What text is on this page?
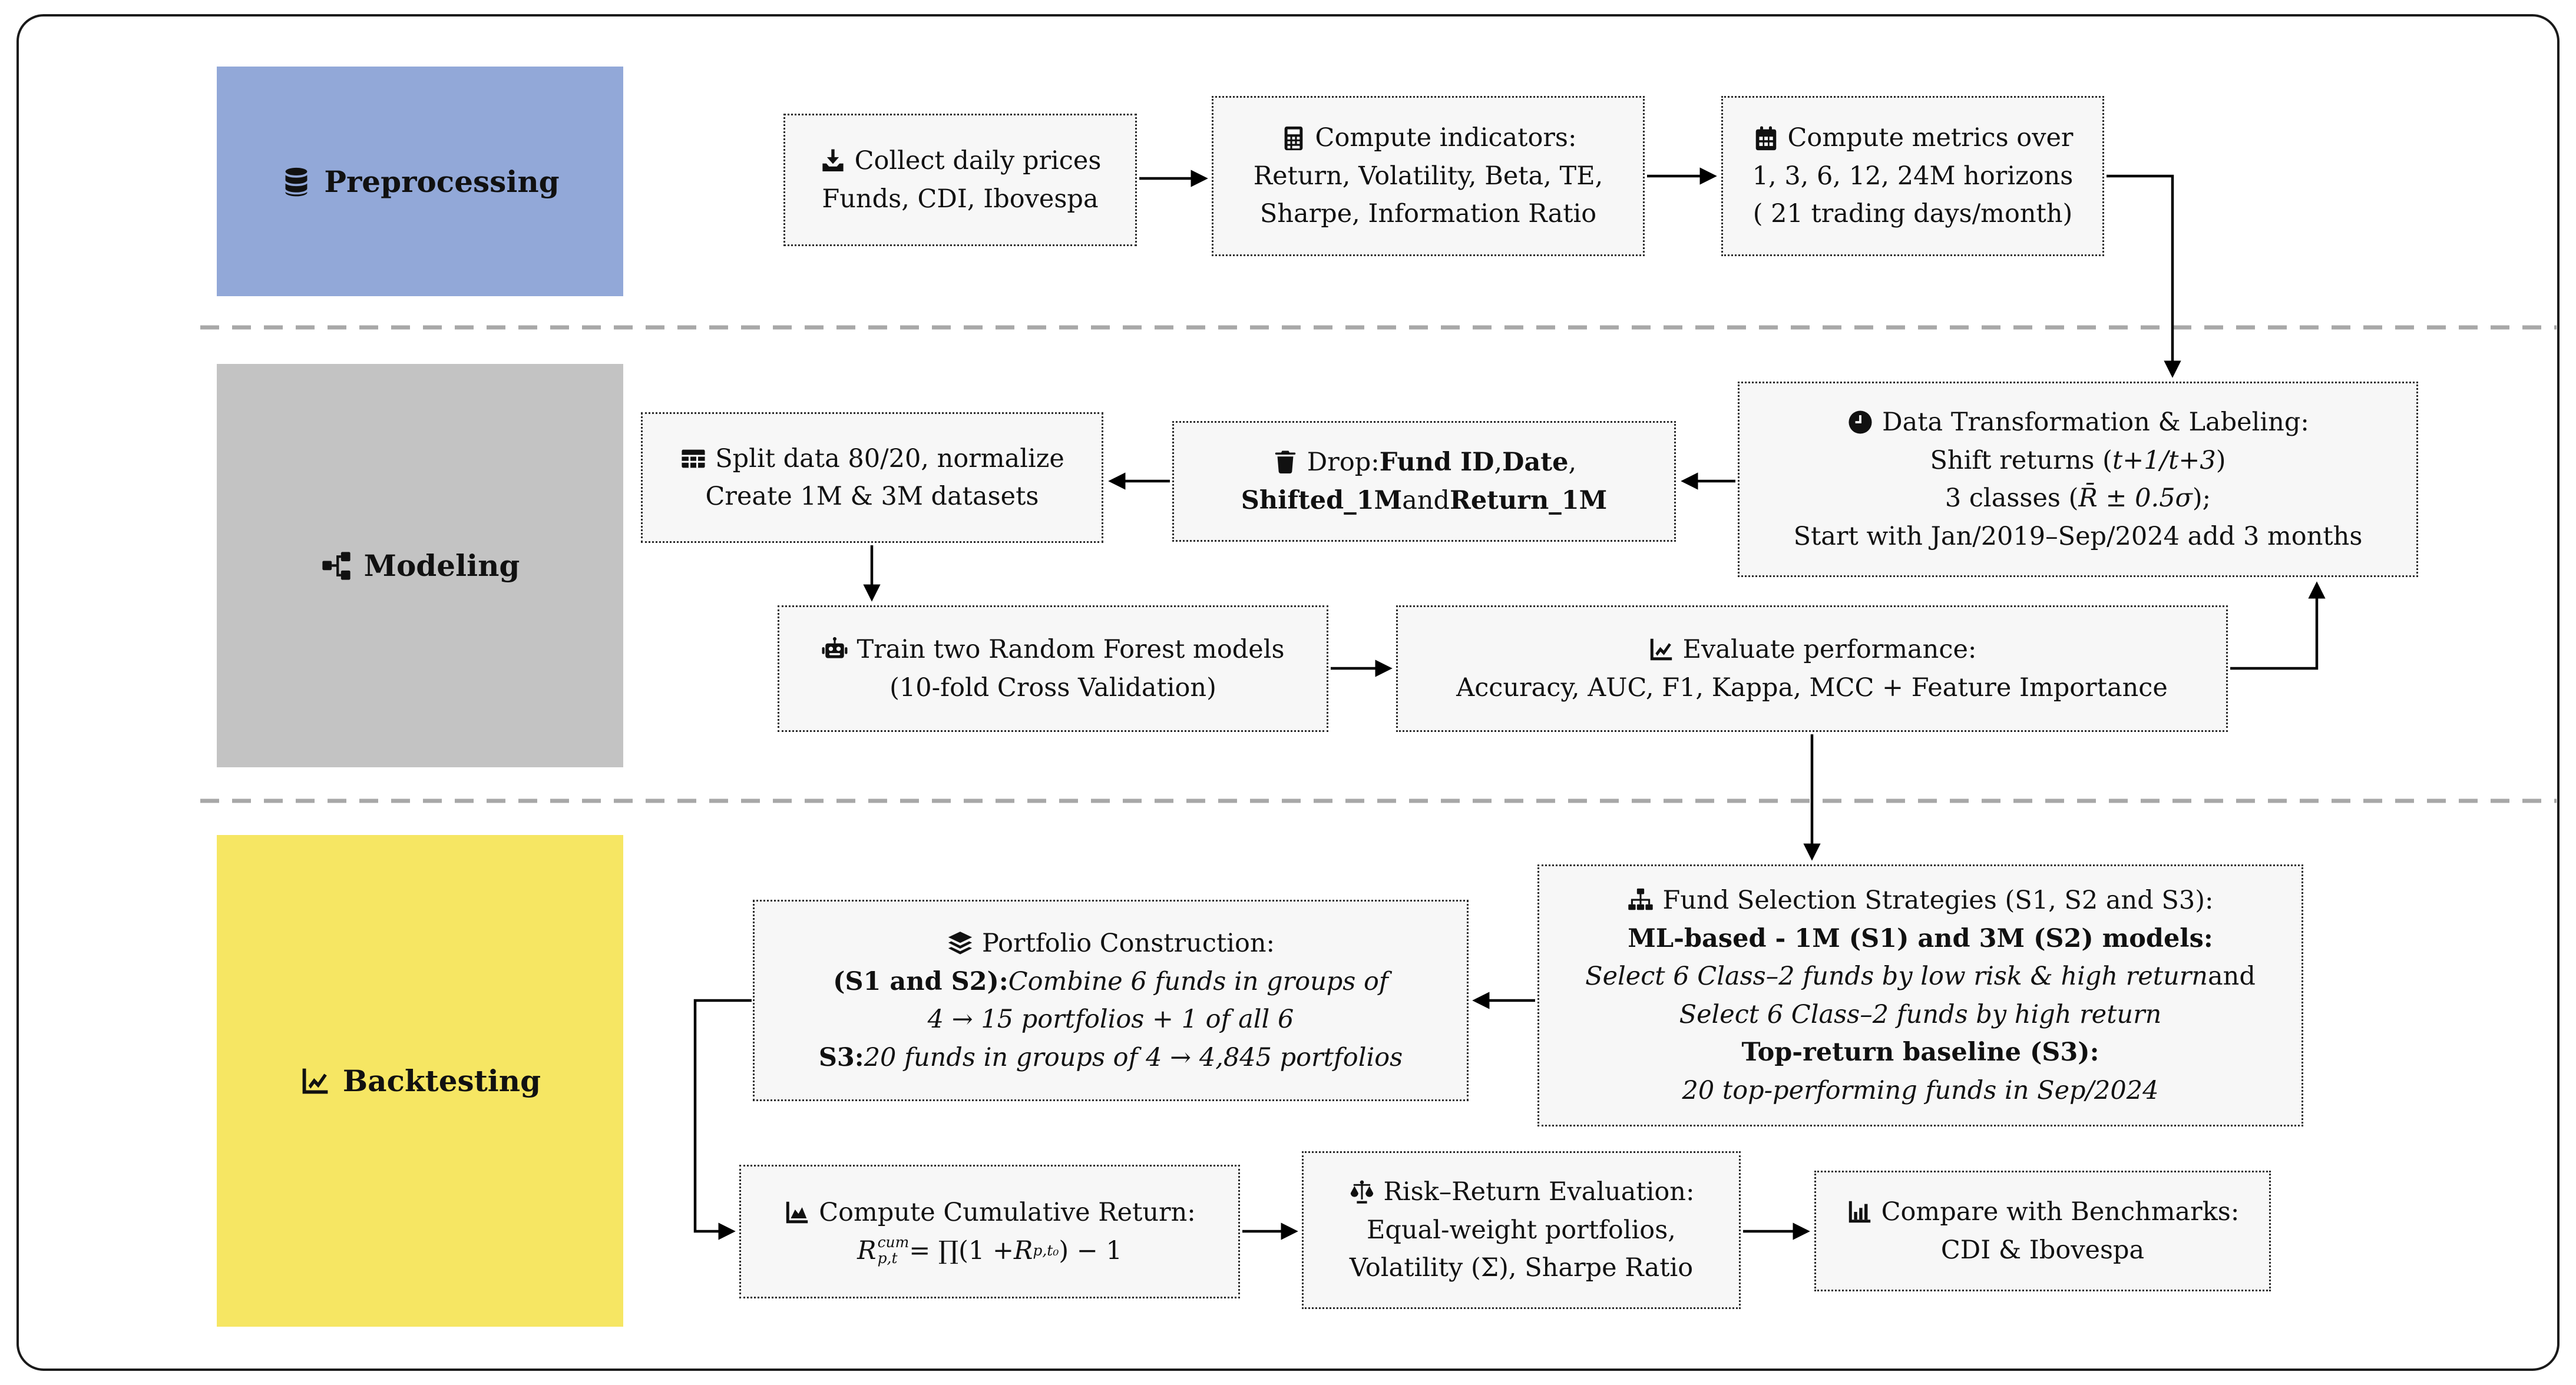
Preprocessing
Modeling
Backtesting
Collect daily prices
Funds, CDI, Ibovespa
Compute indicators:
Return, Volatility, Beta, TE,
Sharpe, Information Ratio
Compute metrics over
1, 3, 6, 12, 24M horizons
( 21 trading days/month)
Data Transformation & Labeling:
Shift returns ( t+1/t+3 )
3 classes ( R̄ ± 0.5σ );
Start with Jan/2019–Sep/2024 add 3 months
Drop: Fund ID , Date ,
Shifted_1M and Return_1M
Split data 80/20, normalize
Create 1M & 3M datasets
Train two Random Forest models
(10-fold Cross Validation)
Evaluate performance:
Accuracy, AUC, F1, Kappa, MCC + Feature Importance
Fund Selection Strategies (S1, S2 and S3):
ML-based - 1M (S1) and 3M (S2) models:
Select 6 Class–2 funds by low risk & high return and
Select 6 Class–2 funds by high return
Top-return baseline (S3):
20 top-performing funds in Sep/2024
Portfolio Construction:
(S1 and S2): Combine 6 funds in groups of
4 → 15 portfolios + 1 of all 6
S3: 20 funds in groups of 4 → 4,845 portfolios
Compute Cumulative Return:
R cum
p,t = ∏(1 + R p,t₀ ) − 1
Risk–Return Evaluation:
Equal-weight portfolios,
Volatility (Σ), Sharpe Ratio
Compare with Benchmarks:
CDI & Ibovespa
